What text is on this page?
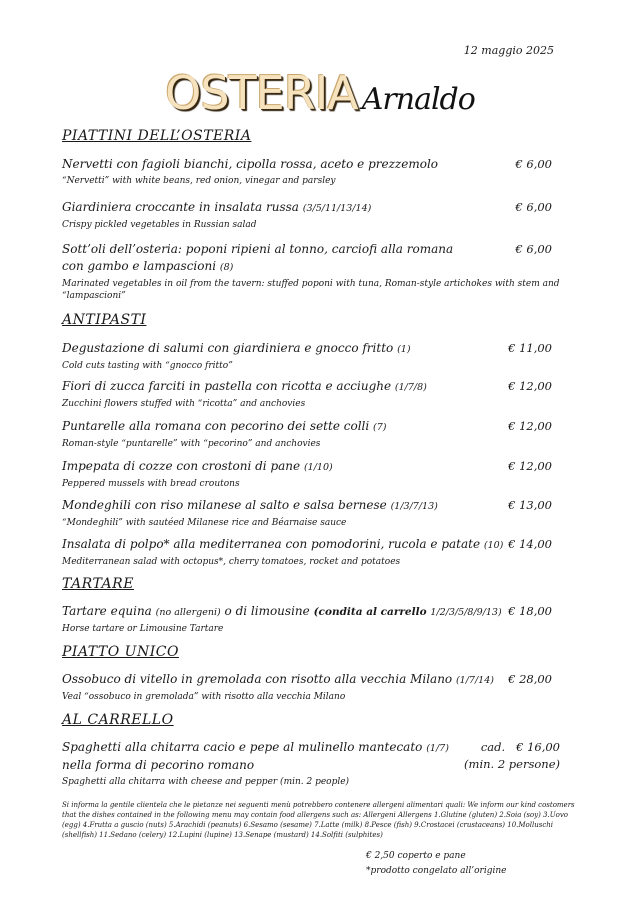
12 maggio 2025
OSTERIA Arnaldo
PIATTINI DELL’OSTERIA
Nervetti con fagioli bianchi, cipolla rossa, aceto e prezzemolo
“Nervetti” with white beans, red onion, vinegar and parsley
€ 6,00
Giardiniera croccante in insalata russa (3/5/11/13/14)
Crispy pickled vegetables in Russian salad
€ 6,00
Sott’oli dell’osteria: poponi ripieni al tonno, carciofi alla romana
con gambo e lampascioni (8)
Marinated vegetables in oil from the tavern: stuffed poponi with tuna, Roman-style artichokes with stem and
“lampascioni”
€ 6,00
ANTIPASTI
Degustazione di salumi con giardiniera e gnocco fritto (1)
Cold cuts tasting with “gnocco fritto”
€ 11,00
Fiori di zucca farciti in pastella con ricotta e acciughe (1/7/8)
Zucchini flowers stuffed with “ricotta” and anchovies
€ 12,00
Puntarelle alla romana con pecorino dei sette colli (7)
Roman-style “puntarelle” with “pecorino” and anchovies
€ 12,00
Impepata di cozze con crostoni di pane (1/10)
Peppered mussels with bread croutons
€ 12,00
Mondeghili con riso milanese al salto e salsa bernese (1/3/7/13)
“Mondeghili” with sautéed Milanese rice and Béarnaise sauce
€ 13,00
Insalata di polpo* alla mediterranea con pomodorini, rucola e patate (10)
Mediterranean salad with octopus*, cherry tomatoes, rocket and potatoes
€ 14,00
TARTARE
Tartare equina (no allergeni) o di limousine (condita al carrello 1/2/3/5/8/9/13)
Horse tartare or Limousine Tartare
€ 18,00
PIATTO UNICO
Ossobuco di vitello in gremolada con risotto alla vecchia Milano (1/7/14)
Veal “ossobuco in gremolada” with risotto alla vecchia Milano
€ 28,00
AL CARRELLO
Spaghetti alla chitarra cacio e pepe al mulinello mantecato (1/7)
nella forma di pecorino romano
Spaghetti alla chitarra with cheese and pepper (min. 2 people)
cad.   € 16,00
(min. 2 persone)
Si informa la gentile clientela che le pietanze nei seguenti menù potrebbero contenere allergeni alimentari quali: We inform our kind costomers that the dishes contained in the following menu may contain food allergens such as: Allergeni Allergens 1.Glutine (gluten) 2.Soia (soy) 3.Uovo (egg) 4.Frutta a guscio (nuts) 5.Arachidi (peanuts) 6.Sesamo (sesame) 7.Latte (milk) 8.Pesce (fish) 9.Crostacei (crustaceans) 10.Molluschi (shellfish) 11.Sedano (celery) 12.Lupini (lupine) 13.Senape (mustard) 14.Solfiti (sulphites)
€ 2,50 coperto e pane
*prodotto congelato all’origine
